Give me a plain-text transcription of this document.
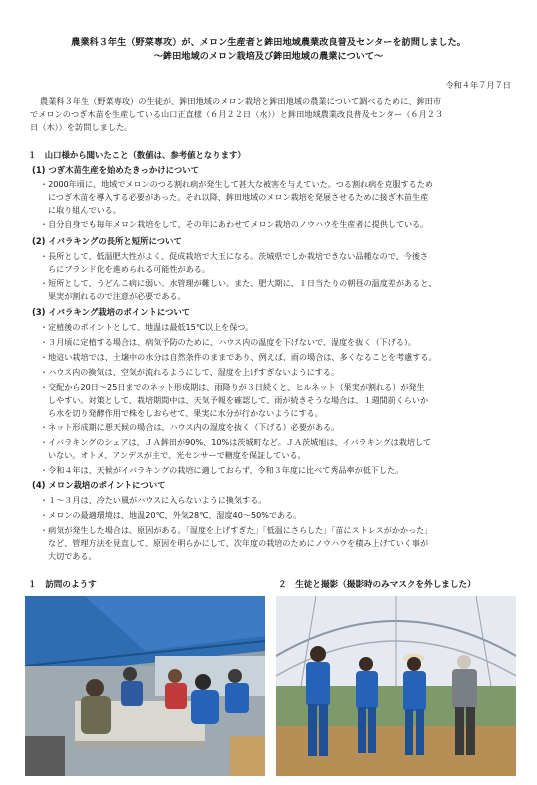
農業科３年生（野菜専攻）が、メロン生産者と鉾田地域農業改良普及センターを訪問しました。
～鉾田地域のメロン栽培及び鉾田地域の農業について～
令和４年７月７日
農業科３年生（野菜専攻）の生徒が、鉾田地域のメロン栽培と鉾田地域の農業について調べるために、鉾田市
でメロンのつぎ木苗を生産している山口正直様（６月２２日（水））と鉾田地域農業改良普及センター（６月２３
日（木））を訪問しました。
１　山口様から聞いたこと（数値は、参考値となります）
(1) つぎ木苗生産を始めたきっかけについて
・2000年頃に、地域でメロンのつる割れ病が発生して甚大な被害を与えていた。つる割れ病を克服するため
につぎ木苗を導入する必要があった。それ以降、鉾田地域のメロン栽培を発展させるために接ぎ木苗生産
に取り組んでいる。
・自分自身でも毎年メロン栽培をして、その年にあわせてメロン栽培のノウハウを生産者に提供している。
(2) イバラキングの長所と短所について
・長所として、低温肥大性がよく、促成栽培で大玉になる。茨城県でしか栽培できない品種なので、今後さ
らにブランド化を進められる可能性がある。
・短所として、うどんこ病に弱い。水管理が難しい。また、肥大期に、１日当たりの朝昼の温度差があると、
果実が割れるので注意が必要である。
(3) イバラキング栽培のポイントについて
・定植後のポイントとして、地温は最低15℃以上を保つ。
・３月頃に定植する場合は、病気予防のために、ハウス内の温度を下げないで、湿度を抜く（下げる）。
・地這い栽培では、土壌中の水分は自然条件のままであり、例えば、雨の場合は、多くなることを考慮する。
・ハウス内の換気は、空気が流れるようにして、湿度を上げすぎないようにする。
・交配から20日～25日までのネット形成期は、雨降りが３日続くと、ヒルネット（果実が割れる）が発生
しやすい。対策として、栽培期間中は、天気予報を確認して、雨が続きそうな場合は、１週間前くらいか
ら水を切り発酵作用で株をしおらせて、果実に水分が行かないようにする。
・ネット形成期に悪天候の場合は、ハウス内の湿度を抜く（下げる）必要がある。
・イバラキングのシェアは、ＪＡ鉾田が90%、10%は茨城町など。ＪＡ茨城旭は、イバラキングは栽培して
いない。オトメ、アンデスが主で、光センサーで糖度を保証している。
・令和４年は、天候がイバラキングの栽培に適しておらず、令和３年度に比べて秀品率が低下した。
(4) メロン栽培のポイントについて
・１～３月は、冷たい風がハウスに入らないように換気する。
・メロンの最適環境は、地温20℃、外気28℃、湿度40～50%である。
・病気が発生した場合は、原因がある。「湿度を上げすぎた」「低温にさらした」「苗にストレスがかかった」
など、管理方法を見直して、原因を明らかにして、次年度の栽培のためにノウハウを積み上げていく事が
大切である。
１　訪問のようす	２　生徒と撮影（撮影時のみマスクを外しました）
